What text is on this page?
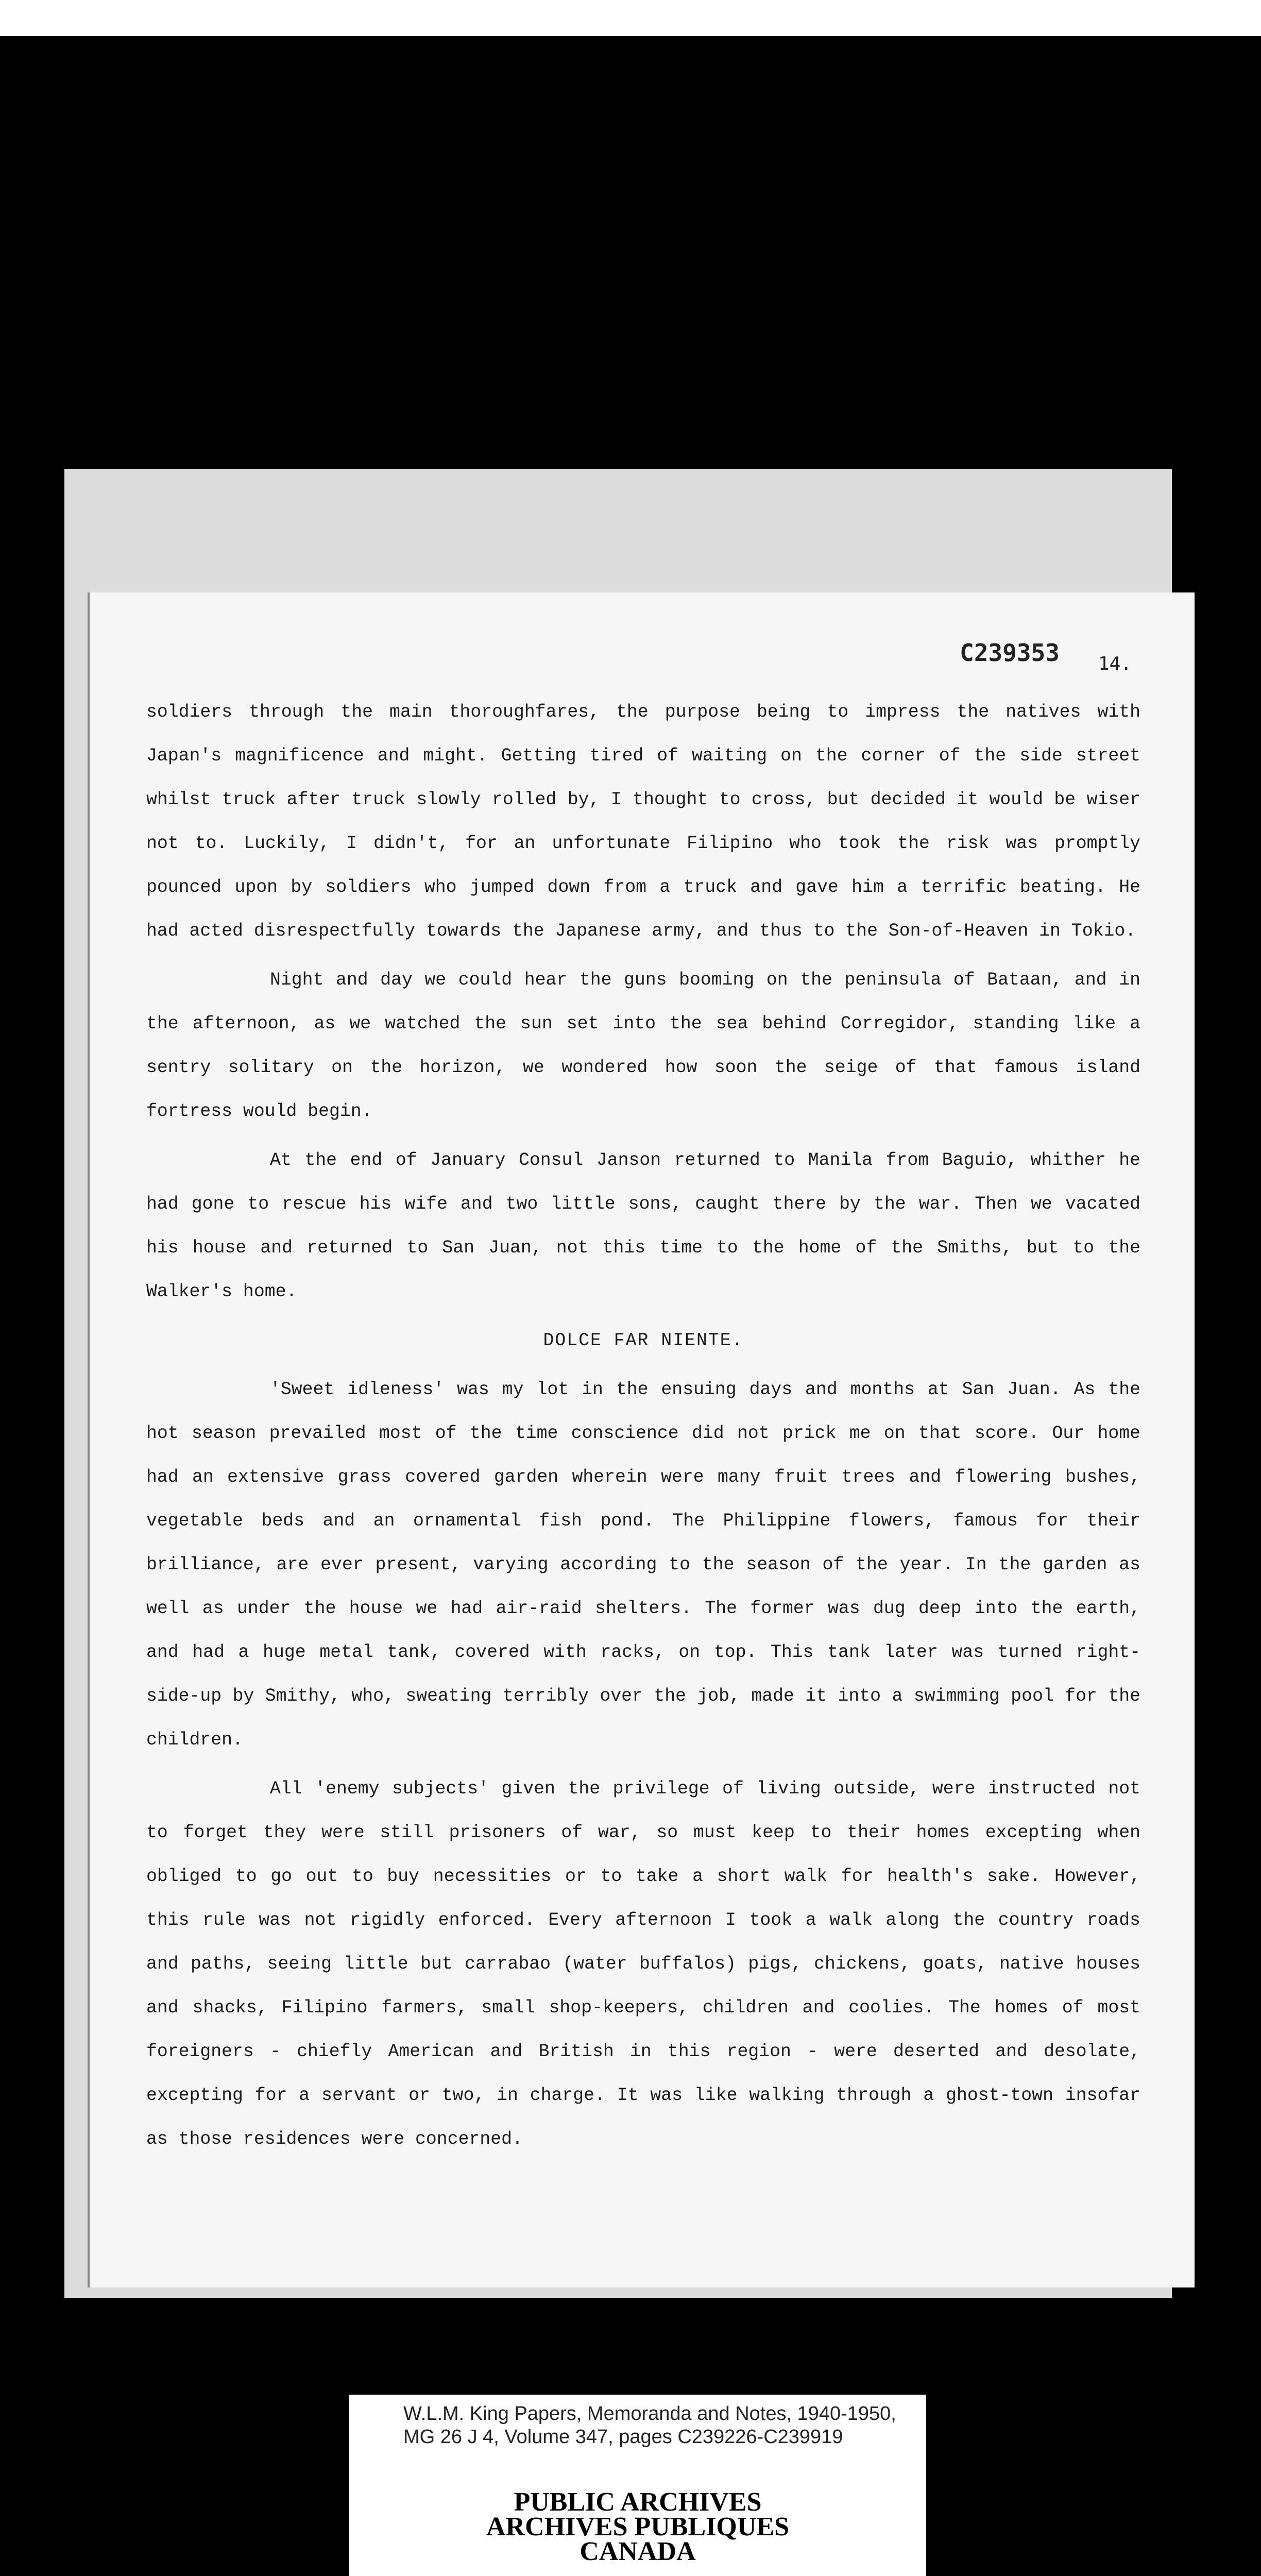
C239353 14.

soldiers through the main thoroughfares, the purpose being to impress the natives with Japan's magnificence and might. Getting tired of waiting on the corner of the side street whilst truck after truck slowly rolled by, I thought to cross, but decided it would be wiser not to. Luckily, I didn't, for an unfortunate Filipino who took the risk was promptly pounced upon by soldiers who jumped down from a truck and gave him a terrific beating. He had acted disrespectfully towards the Japanese army, and thus to the Son-of-Heaven in Tokio.

Night and day we could hear the guns booming on the peninsula of Bataan, and in the afternoon, as we watched the sun set into the sea behind Corregidor, standing like a sentry solitary on the horizon, we wondered how soon the seige of that famous island fortress would begin.

At the end of January Consul Janson returned to Manila from Baguio, whither he had gone to rescue his wife and two little sons, caught there by the war. Then we vacated his house and returned to San Juan, not this time to the home of the Smiths, but to the Walker's home.

DOLCE FAR NIENTE.

'Sweet idleness' was my lot in the ensuing days and months at San Juan. As the hot season prevailed most of the time conscience did not prick me on that score. Our home had an extensive grass covered garden wherein were many fruit trees and flowering bushes, vegetable beds and an ornamental fish pond. The Philippine flowers, famous for their brilliance, are ever present, varying according to the season of the year. In the garden as well as under the house we had air-raid shelters. The former was dug deep into the earth, and had a huge metal tank, covered with racks, on top. This tank later was turned right-side-up by Smithy, who, sweating terribly over the job, made it into a swimming pool for the children.

All 'enemy subjects' given the privilege of living outside, were instructed not to forget they were still prisoners of war, so must keep to their homes excepting when obliged to go out to buy necessities or to take a short walk for health's sake. However, this rule was not rigidly enforced. Every afternoon I took a walk along the country roads and paths, seeing little but carrabao (water buffalos) pigs, chickens, goats, native houses and shacks, Filipino farmers, small shop-keepers, children and coolies. The homes of most foreigners - chiefly American and British in this region - were deserted and desolate, excepting for a servant or two, in charge. It was like walking through a ghost-town insofar as those residences were concerned.

W.L.M. King Papers, Memoranda and Notes, 1940-1950, MG 26 J 4, Volume 347, pages C239226-C239919
PUBLIC ARCHIVES
ARCHIVES PUBLIQUES
CANADA
